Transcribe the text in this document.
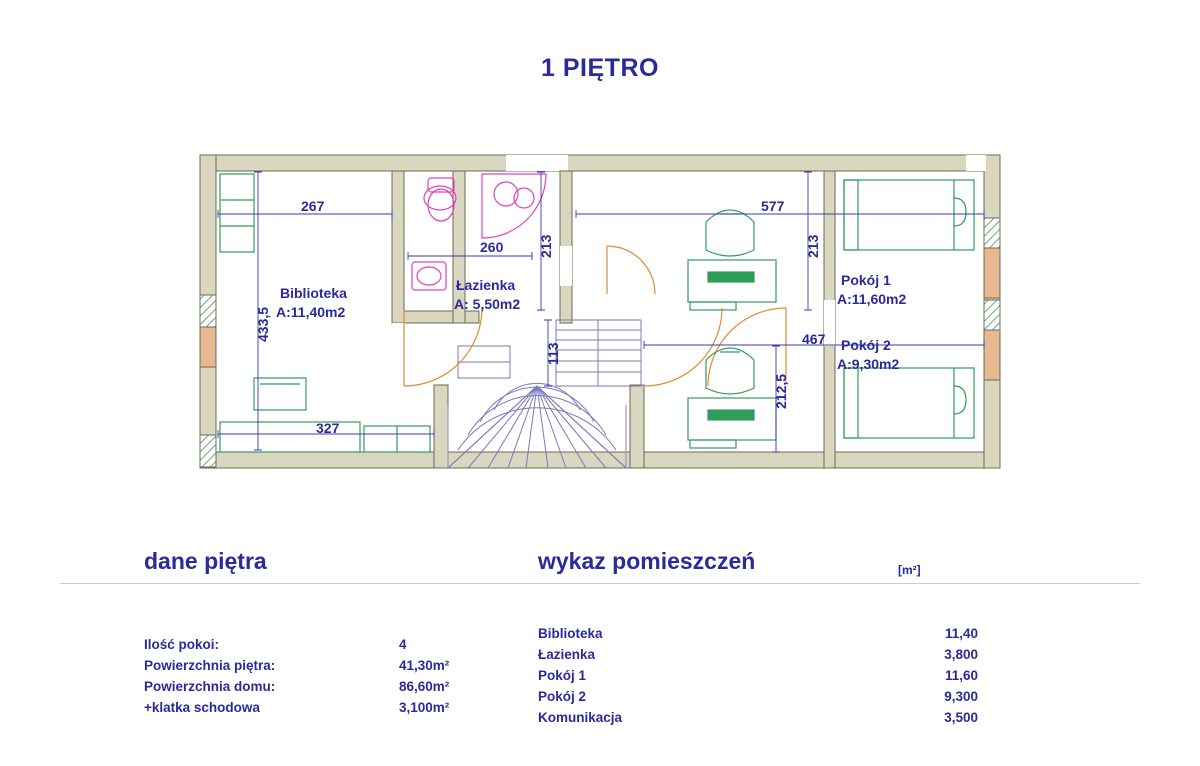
1 PIĘTRO
Biblioteka
A:11,40m2
Łazienka
A: 5,50m2
Pokój 1
A:11,60m2
Pokój 2
A:9,30m2
267
260
577
213	213
433,5
327
113
467
212,5
dane piętra	wykaz pomieszczeń	[m²]
Ilość pokoi:	4
Powierzchnia piętra:	41,30m²
Powierzchnia domu:	86,60m²
+klatka schodowa	3,100m²
Biblioteka	11,40
Łazienka	3,800
Pokój 1	11,60
Pokój 2	9,300
Komunikacja	3,500
